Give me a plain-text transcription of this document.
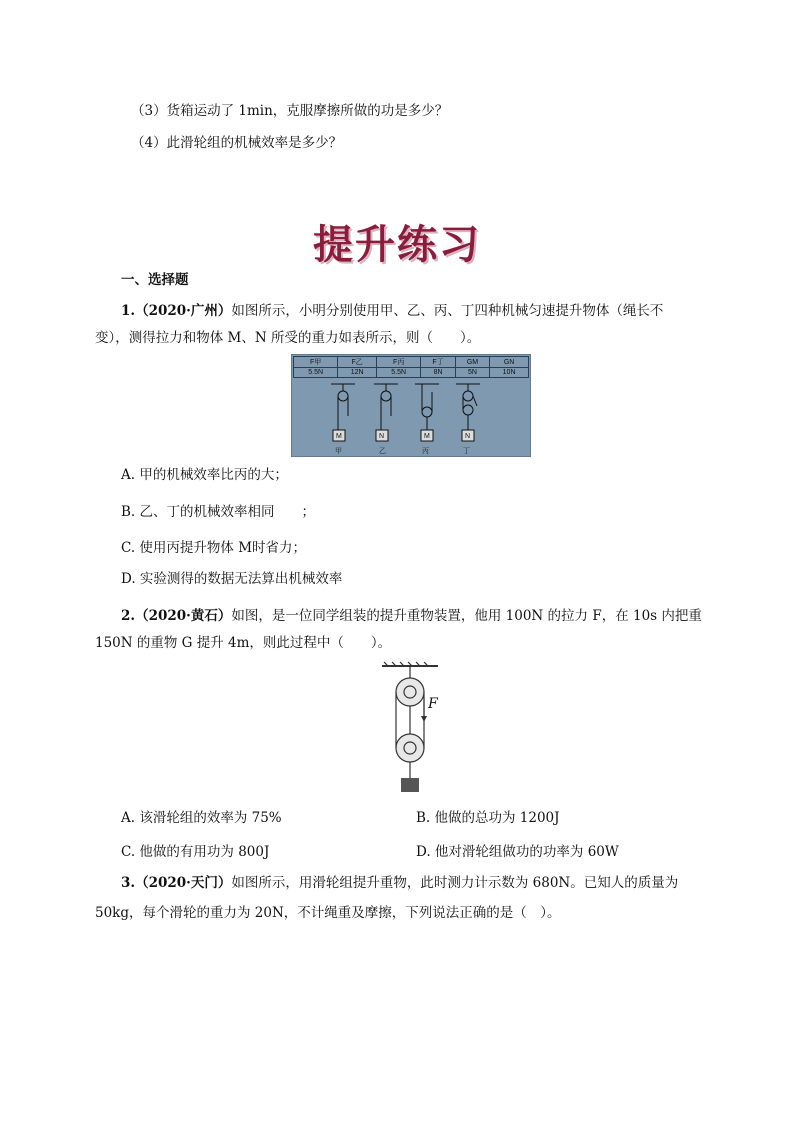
（3）货箱运动了 1min，克服摩擦所做的功是多少？
（4）此滑轮组的机械效率是多少？
提升练习
一、选择题
1.（2020·广州）如图所示，小明分别使用甲、乙、丙、丁四种机械匀速提升物体（绳长不
变），测得拉力和物体 M、N 所受的重力如表所示，则（　　）。
F甲	F乙	F丙	F丁	GM	GN
5.5N	12N	5.5N	8N	5N	10N
M	N	M	N
甲	乙	丙	丁
A. 甲的机械效率比丙的大；
B. 乙、丁的机械效率相同　　；
C. 使用丙提升物体 M时省力；
D. 实验测得的数据无法算出机械效率
2.（2020·黄石）如图，是一位同学组装的提升重物装置，他用 100N 的拉力 F，在 10s 内把重
150N 的重物 G 提升 4m，则此过程中（　　）。
F
A. 该滑轮组的效率为 75%	B. 他做的总功为 1200J
C. 他做的有用功为 800J	D. 他对滑轮组做功的功率为 60W
3.（2020·天门）如图所示，用滑轮组提升重物，此时测力计示数为 680N。已知人的质量为
50kg，每个滑轮的重力为 20N，不计绳重及摩擦，下列说法正确的是（　）。
